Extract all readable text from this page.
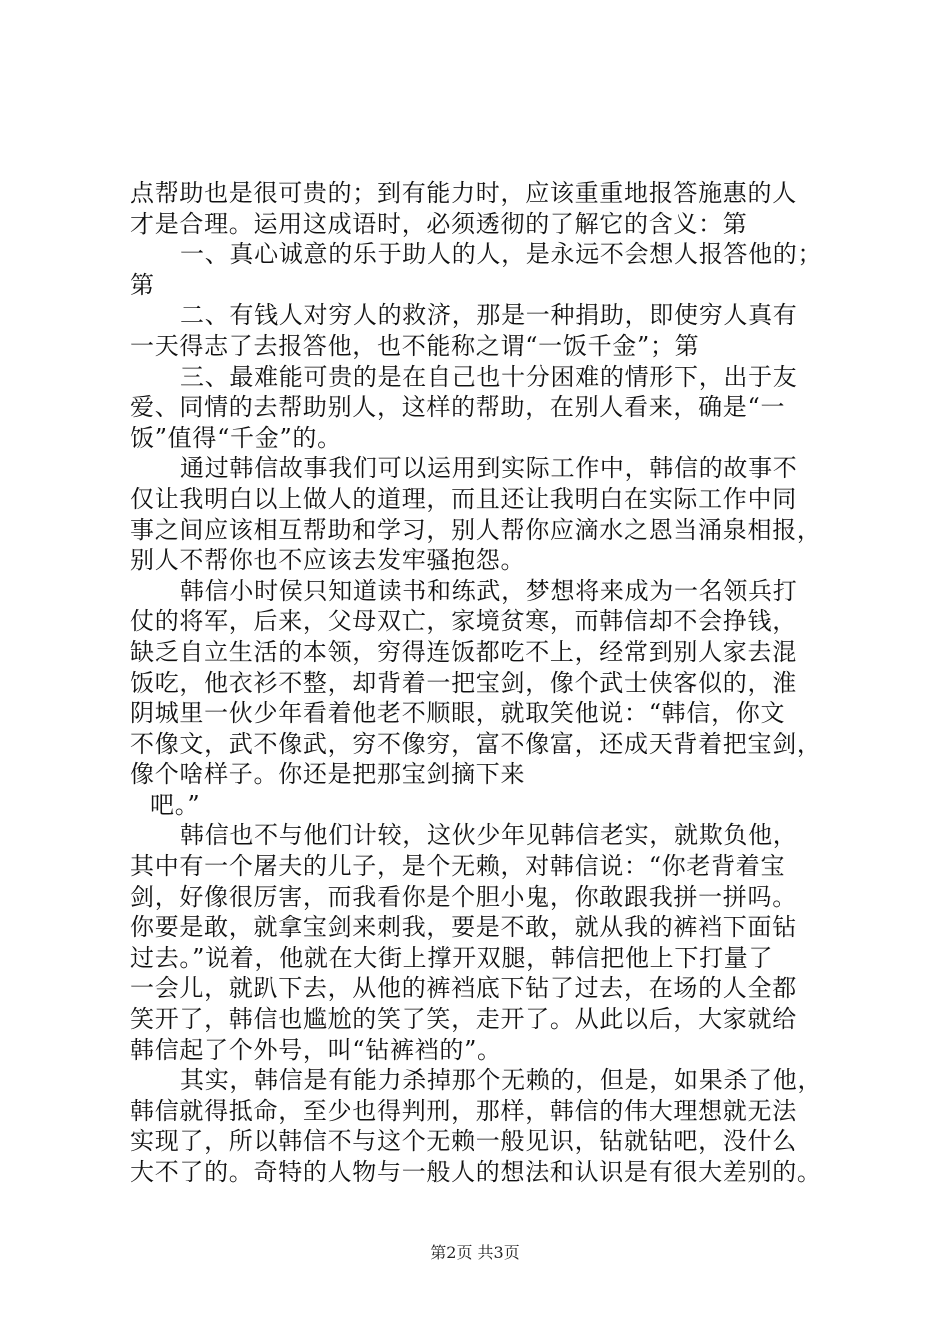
点帮助也是很可贵的；到有能力时，应该重重地报答施惠的人
才是合理。运用这成语时，必须透彻的了解它的含义：第
一、真心诚意的乐于助人的人，是永远不会想人报答他的；
第
二、有钱人对穷人的救济，那是一种捐助，即使穷人真有
一天得志了去报答他，也不能称之谓“一饭千金”；第
三、最难能可贵的是在自己也十分困难的情形下，出于友
爱、同情的去帮助别人，这样的帮助，在别人看来，确是“一
饭”值得“千金”的。
通过韩信故事我们可以运用到实际工作中，韩信的故事不
仅让我明白以上做人的道理，而且还让我明白在实际工作中同
事之间应该相互帮助和学习，别人帮你应滴水之恩当涌泉相报，
别人不帮你也不应该去发牢骚抱怨。
韩信小时侯只知道读书和练武，梦想将来成为一名领兵打
仗的将军，后来，父母双亡，家境贫寒，而韩信却不会挣钱，
缺乏自立生活的本领，穷得连饭都吃不上，经常到别人家去混
饭吃，他衣衫不整，却背着一把宝剑，像个武士侠客似的，淮
阴城里一伙少年看着他老不顺眼，就取笑他说：“韩信，你文
不像文，武不像武，穷不像穷，富不像富，还成天背着把宝剑，
像个啥样子。你还是把那宝剑摘下来
吧。”
韩信也不与他们计较，这伙少年见韩信老实，就欺负他，
其中有一个屠夫的儿子，是个无赖，对韩信说：“你老背着宝
剑，好像很厉害，而我看你是个胆小鬼，你敢跟我拼一拼吗。
你要是敢，就拿宝剑来刺我，要是不敢，就从我的裤裆下面钻
过去。”说着，他就在大街上撑开双腿，韩信把他上下打量了
一会儿，就趴下去，从他的裤裆底下钻了过去，在场的人全都
笑开了，韩信也尴尬的笑了笑，走开了。从此以后，大家就给
韩信起了个外号，叫“钻裤裆的”。
其实，韩信是有能力杀掉那个无赖的，但是，如果杀了他，
韩信就得抵命，至少也得判刑，那样，韩信的伟大理想就无法
实现了，所以韩信不与这个无赖一般见识，钻就钻吧，没什么
大不了的。奇特的人物与一般人的想法和认识是有很大差别的。
第2页 共3页
